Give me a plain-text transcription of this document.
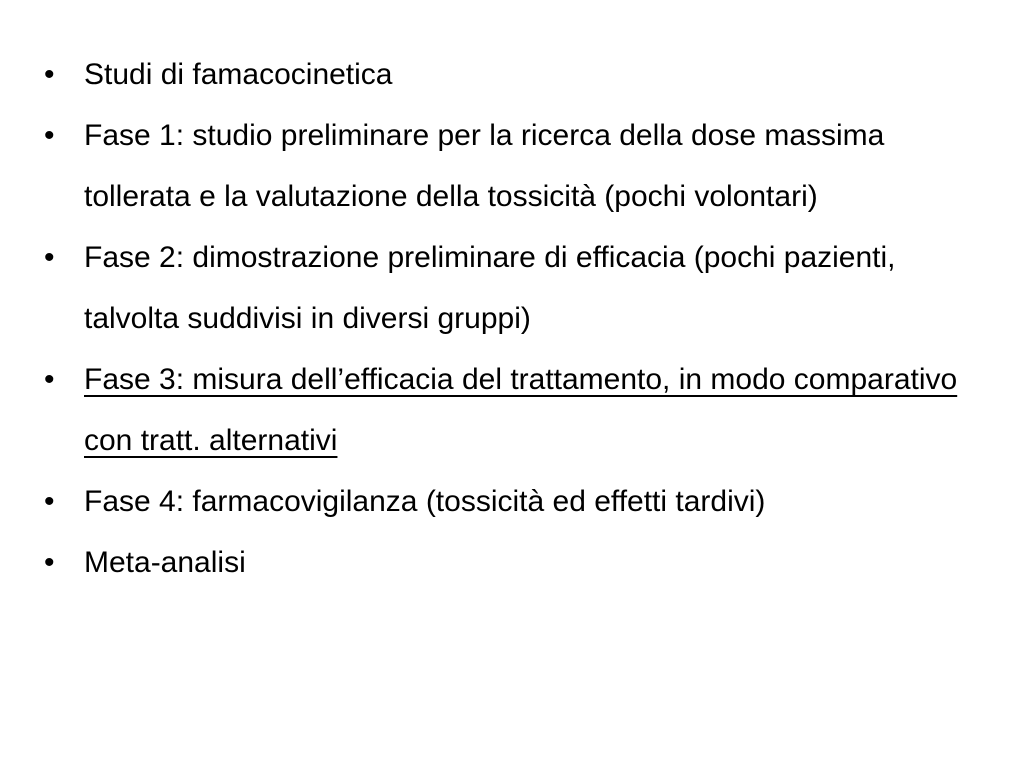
• Studi di famacocinetica
• Fase 1: studio preliminare per la ricerca della dose massima tollerata e la valutazione della tossicità (pochi volontari)
• Fase 2: dimostrazione preliminare di efficacia (pochi pazienti, talvolta suddivisi in diversi gruppi)
• Fase 3: misura dell’efficacia del trattamento, in modo comparativo con tratt. alternativi
• Fase 4: farmacovigilanza (tossicità ed effetti tardivi)
• Meta-analisi
